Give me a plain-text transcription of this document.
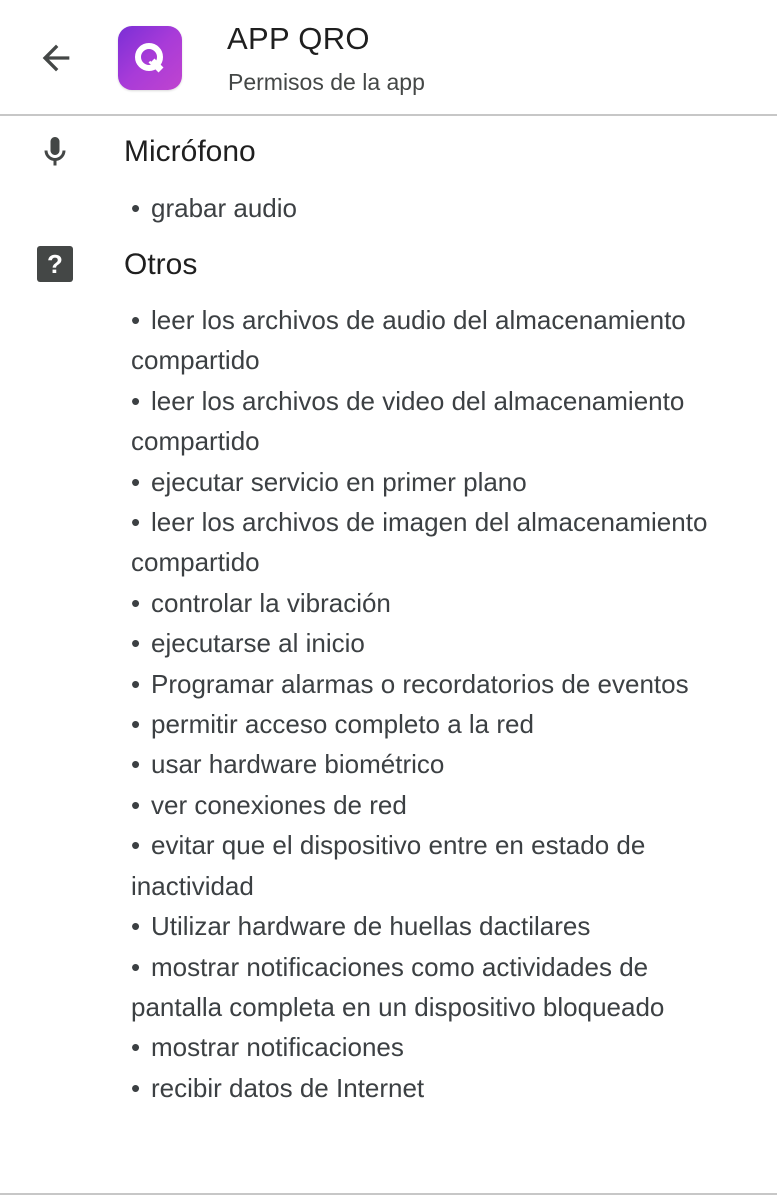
APP QRO
Permisos de la app
Micrófono
• grabar audio
? Otros
• leer los archivos de audio del almacenamiento compartido
• leer los archivos de video del almacenamiento compartido
• ejecutar servicio en primer plano
• leer los archivos de imagen del almacenamiento compartido
• controlar la vibración
• ejecutarse al inicio
• Programar alarmas o recordatorios de eventos
• permitir acceso completo a la red
• usar hardware biométrico
• ver conexiones de red
• evitar que el dispositivo entre en estado de inactividad
• Utilizar hardware de huellas dactilares
• mostrar notificaciones como actividades de pantalla completa en un dispositivo bloqueado
• mostrar notificaciones
• recibir datos de Internet
